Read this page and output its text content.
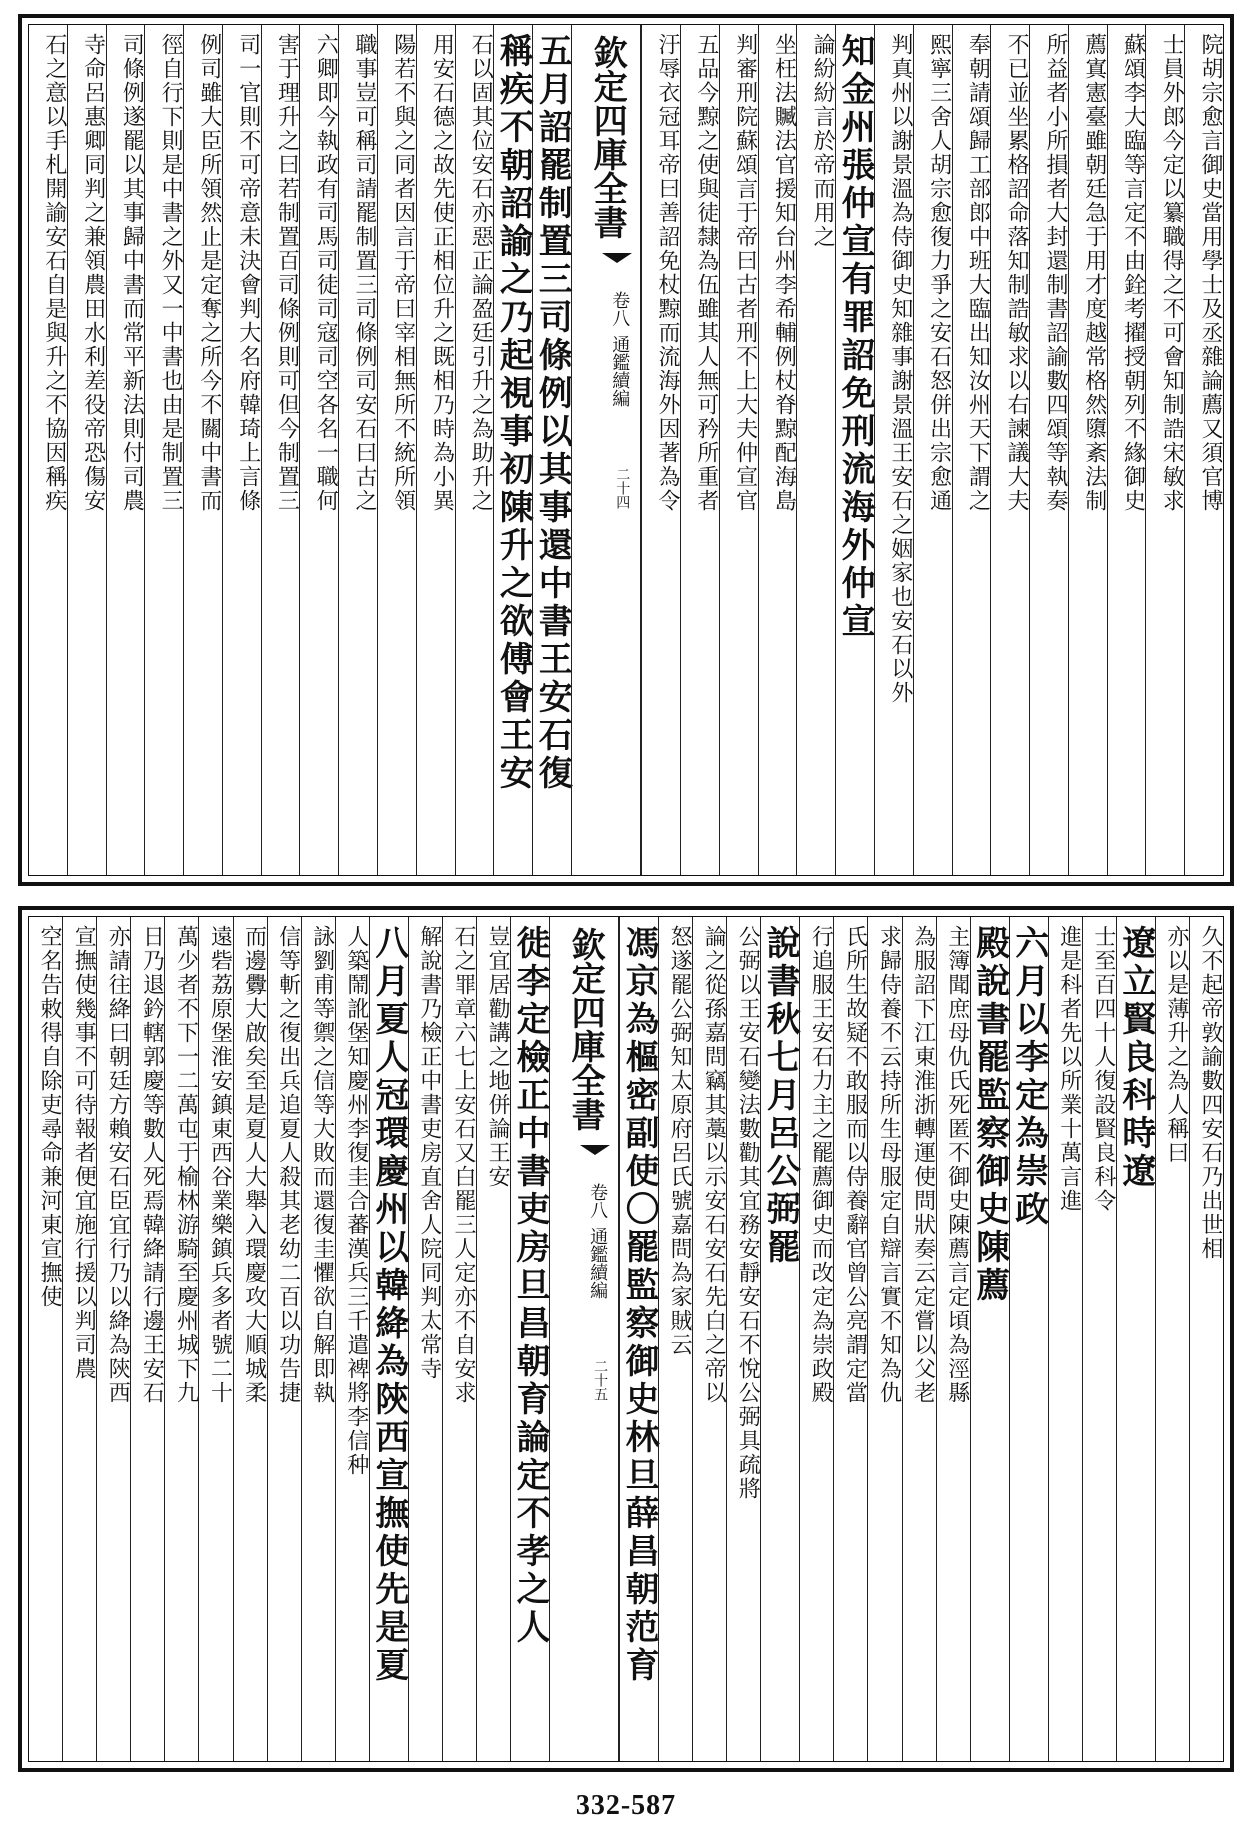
院胡宗愈言御史當用學士及丞雜論薦又須官博
士員外郎今定以纂職得之不可會知制誥宋敏求
蘇頌李大臨等言定不由銓考擢授朝列不緣御史
薦寘憲臺雖朝廷急于用才度越常格然隳紊法制
所益者小所損者大封還制書詔諭數四頌等執奏
不已並坐累格詔命落知制誥敏求以右諫議大夫
奉朝請頌歸工部郎中班大臨出知汝州天下謂之
熙寧三舍人胡宗愈復力爭之安石怒併出宗愈通
判真州以謝景溫為侍御史知雜事謝景溫王安石之姻家也安石以外
知金州張仲宣有罪詔免刑流海外仲宣
論紛紛言於帝而用之
坐枉法贓法官援知台州李希輔例杖脊黥配海島
判審刑院蘇頌言于帝曰古者刑不上大夫仲宣官
五品今黥之使與徒隸為伍雖其人無可矜所重者
汙辱衣冠耳帝曰善詔免杖黥而流海外因著為令
欽定四庫全書
卷八
通鑑續編
二十四
五月詔罷制置三司條例以其事還中書王安石復
稱疾不朝詔諭之乃起視事初陳升之欲傅會王安
石以固其位安石亦惡正論盈廷引升之為助升之
用安石德之故先使正相位升之既相乃時為小異
陽若不與之同者因言于帝曰宰相無所不統所領
職事豈可稱司請罷制置三司條例司安石曰古之
六卿即今執政有司馬司徒司寇司空各名一職何
害于理升之曰若制置百司條例則可但今制置三
司一官則不可帝意未決會判大名府韓琦上言條
例司雖大臣所領然止是定奪之所今不關中書而
徑自行下則是中書之外又一中書也由是制置三
司條例遂罷以其事歸中書而常平新法則付司農
寺命呂惠卿同判之兼領農田水利差役帝恐傷安
石之意以手札開諭安石自是與升之不協因稱疾
久不起帝敦諭數四安石乃出世相
亦以是薄升之為人稱曰
遼立賢良科時遼
士至百四十人復設賢良科令
進是科者先以所業十萬言進
六月以李定為崇政
殿說書罷監察御史陳薦
主簿聞庶母仇氏死匿不御史陳薦言定頃為涇縣
為服詔下江東淮浙轉運使問狀奏云定嘗以父老
求歸侍養不云持所生母服定自辯言實不知為仇
氏所生故疑不敢服而以侍養辭官曾公亮謂定當
行追服王安石力主之罷薦御史而改定為崇政殿
說書秋七月呂公弼罷
公弼以王安石變法數勸其宜務安靜安石不悅公弼具疏將
論之從孫嘉問竊其藁以示安石安石先白之帝以
怒遂罷公弼知太原府呂氏號嘉問為家賊云
馮京為樞密副使〇罷監察御史林旦薛昌朝范育
欽定四庫全書
卷八
通鑑續編
二十五
徙李定檢正中書吏房旦昌朝育論定不孝之人
豈宜居勸講之地併論王安
石之罪章六七上安石又白罷三人定亦不自安求
解說書乃檢正中書吏房直舍人院同判太常寺
八月夏人冠環慶州以韓絳為陝西宣撫使先是夏
人築鬧訛堡知慶州李復圭合蕃漢兵三千遣裨將李信种
詠劉甫等禦之信等大敗而還復圭懼欲自解即執
信等斬之復出兵追夏人殺其老幼二百以功告捷
而邊釁大啟矣至是夏人大舉入環慶攻大順城柔
遠砦荔原堡淮安鎮東西谷業樂鎮兵多者號二十
萬少者不下一二萬屯于榆林游騎至慶州城下九
日乃退鈐轄郭慶等數人死焉韓絳請行邊王安石
亦請往絳曰朝廷方賴安石臣宜行乃以絳為陝西
宣撫使幾事不可待報者便宜施行援以判司農
空名告敕得自除吏尋命兼河東宣撫使
332-587
